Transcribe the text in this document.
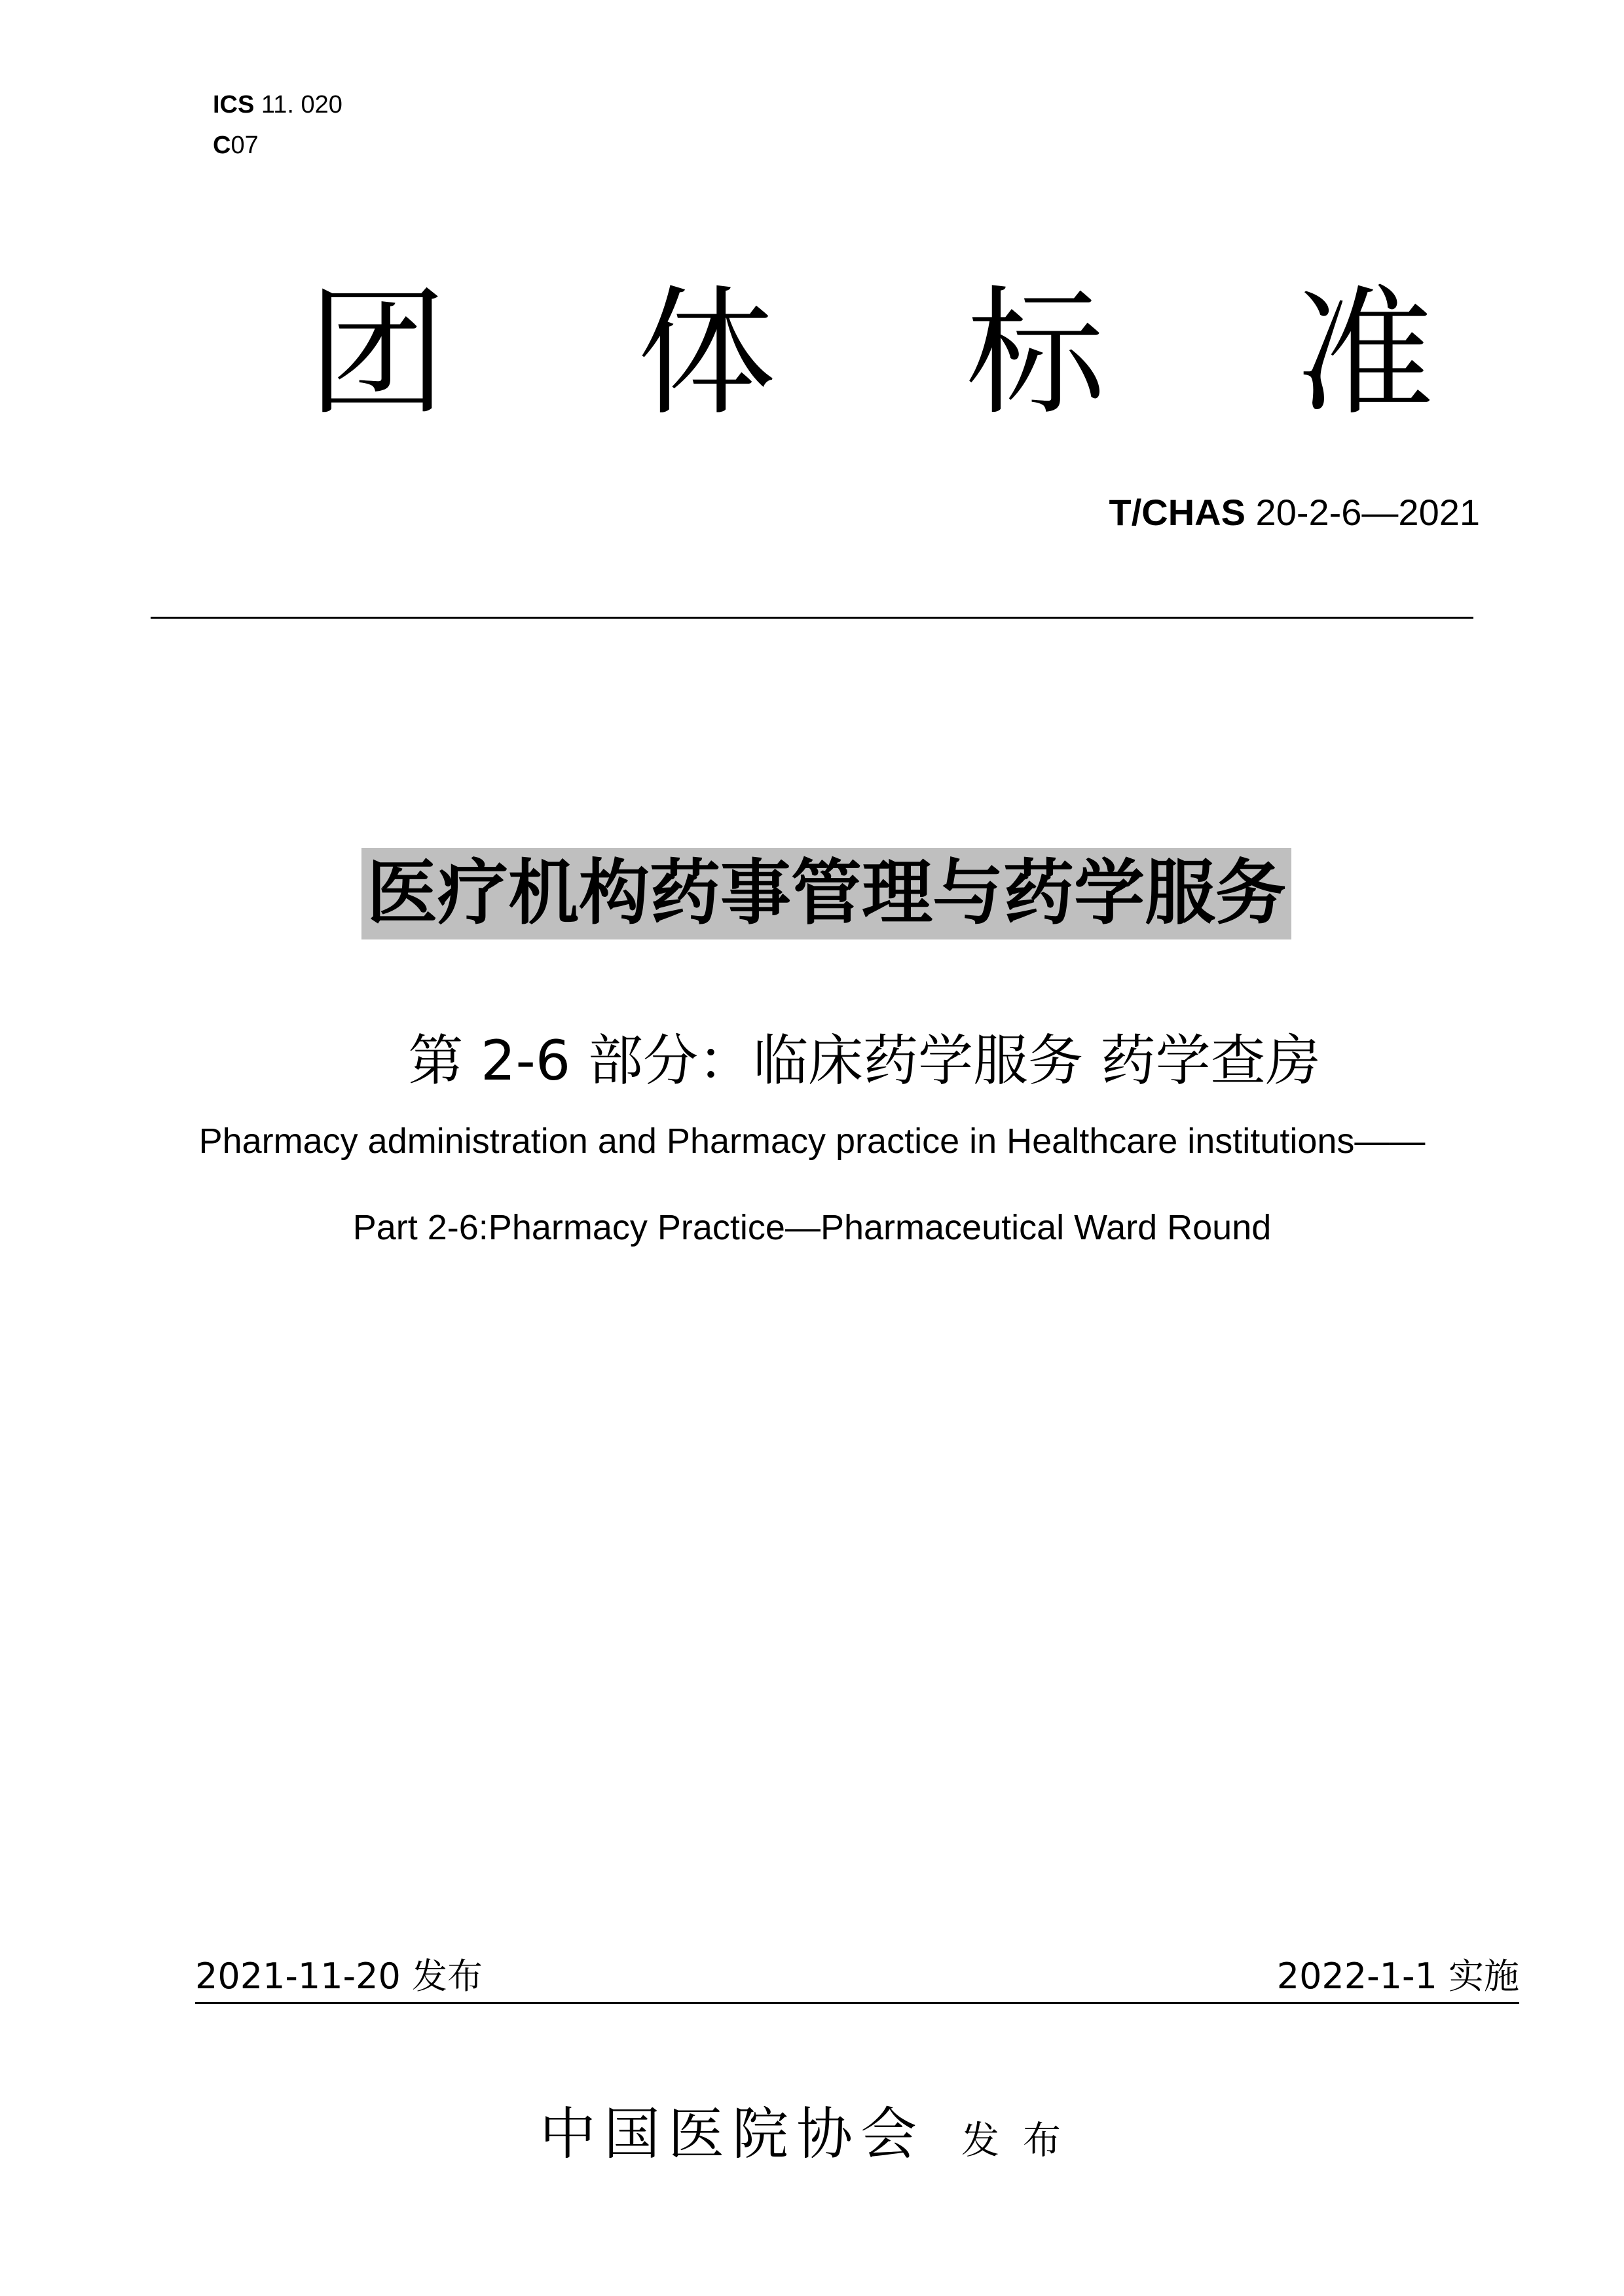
ICS 11. 020
C07
团 体 标 准
T/CHAS 20-2-6—2021
医疗机构药事管理与药学服务
第 2-6 部分：临床药学服务 药学查房
Pharmacy administration and Pharmacy practice in Healthcare institutions——
Part 2-6:Pharmacy Practice—Pharmaceutical Ward Round
2021-11-20 发布	2022-1-1 实施
中国医院协会 发布
